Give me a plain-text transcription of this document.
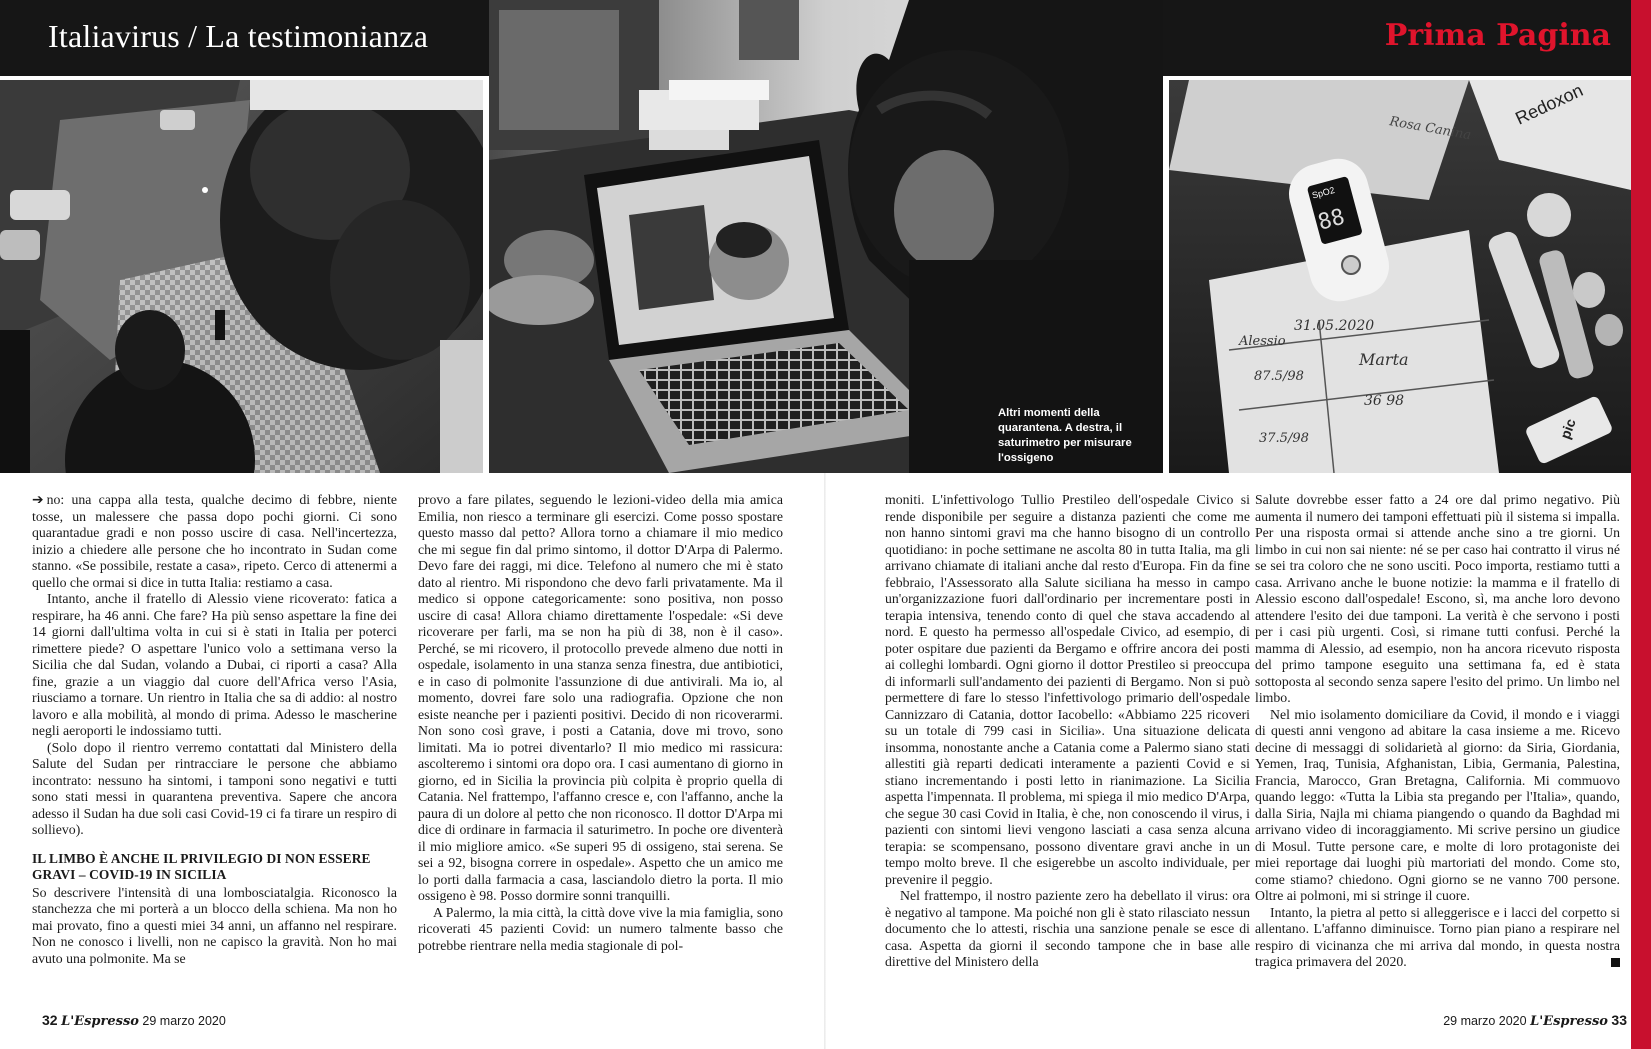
Italiavirus / La testimonianza	Prima Pagina
Redoxon
31.05.2020
Alessio
Marta
87.5/98
36 98
37.5/98
Rosa Canina
SpO2
88
pic
Altri momenti della quarantena. A destra, il saturimetro per misurare l'ossigeno

➔ no: una cappa alla testa, qualche decimo di febbre, niente tosse, un malessere che passa dopo pochi giorni. Ci sono quarantadue gradi e non posso uscire di casa. Nell'incertezza, inizio a chiedere alle persone che ho incontrato in Sudan come stanno. «Se possibile, restate a casa», ripeto. Cerco di attenermi a quello che ormai si dice in tutta Italia: restiamo a casa.

Intanto, anche il fratello di Alessio viene ricoverato: fatica a respirare, ha 46 anni. Che fare? Ha più senso aspettare la fine dei 14 giorni dall'ultima volta in cui si è stati in Italia per poterci rimettere piede? O aspettare l'unico volo a settimana verso la Sicilia che dal Sudan, volando a Dubai, ci riporti a casa? Alla fine, grazie a un viaggio dal cuore dell'Africa verso l'Asia, riusciamo a tornare. Un rientro in Italia che sa di addio: al nostro lavoro e alla mobilità, al mondo di prima. Adesso le mascherine negli aeroporti le indossiamo tutti.

(Solo dopo il rientro verremo contattati dal Ministero della Salute del Sudan per rintracciare le persone che abbiamo incontrato: nessuno ha sintomi, i tamponi sono negativi e tutti sono stati messi in quarantena preventiva. Sapere che ancora adesso il Sudan ha due soli casi Covid-19 ci fa tirare un respiro di sollievo).

IL LIMBO È ANCHE IL PRIVILEGIO DI NON ESSERE GRAVI – COVID-19 IN SICILIA

So descrivere l'intensità di una lombosciatalgia. Riconosco la stanchezza che mi porterà a un blocco della schiena. Ma non ho mai provato, fino a questi miei 34 anni, un affanno nel respirare. Non ne conosco i livelli, non ne capisco la gravità. Non ho mai avuto una polmonite. Ma se

provo a fare pilates, seguendo le lezioni-video della mia amica Emilia, non riesco a terminare gli esercizi. Come posso spostare questo masso dal petto? Allora torno a chiamare il mio medico che mi segue fin dal primo sintomo, il dottor D'Arpa di Palermo. Devo fare dei raggi, mi dice. Telefono al numero che mi è stato dato al rientro. Mi rispondono che devo farli privatamente. Ma il medico si oppone categoricamente: sono positiva, non posso uscire di casa! Allora chiamo direttamente l'ospedale: «Si deve ricoverare per farli, ma se non ha più di 38, non è il caso». Perché, se mi ricovero, il protocollo prevede almeno due notti in ospedale, isolamento in una stanza senza finestra, due antibiotici, e in caso di polmonite l'assunzione di due antivirali. Ma io, al momento, dovrei fare solo una radiografia. Opzione che non esiste neanche per i pazienti positivi. Decido di non ricoverarmi. Non sono così grave, i posti a Catania, dove mi trovo, sono limitati. Ma io potrei diventarlo? Il mio medico mi rassicura: ascolteremo i sintomi ora dopo ora. I casi aumentano di giorno in giorno, ed in Sicilia la provincia più colpita è proprio quella di Catania. Nel frattempo, l'affanno cresce e, con l'affanno, anche la paura di un dolore al petto che non riconosco. Il dottor D'Arpa mi dice di ordinare in farmacia il saturimetro. In poche ore diventerà il mio migliore amico. «Se superi 95 di ossigeno, stai serena. Se sei a 92, bisogna correre in ospedale». Aspetto che un amico me lo porti dalla farmacia a casa, lasciandolo dietro la porta. Il mio ossigeno è 98. Posso dormire sonni tranquilli.

A Palermo, la mia città, la città dove vive la mia famiglia, sono ricoverati 45 pazienti Covid: un numero talmente basso che potrebbe rientrare nella media stagionale di pol-

moniti. L'infettivologo Tullio Prestileo dell'ospedale Civico si rende disponibile per seguire a distanza pazienti che come me non hanno sintomi gravi ma che hanno bisogno di un controllo quotidiano: in poche settimane ne ascolta 80 in tutta Italia, ma gli arrivano chiamate di italiani anche dal resto d'Europa. Fin da fine febbraio, l'Assessorato alla Salute siciliana ha messo in campo un'organizzazione fuori dall'ordinario per incrementare posti in terapia intensiva, tenendo conto di quel che stava accadendo al nord. E questo ha permesso all'ospedale Civico, ad esempio, di poter ospitare due pazienti da Bergamo e offrire ancora dei posti ai colleghi lombardi. Ogni giorno il dottor Prestileo si preoccupa di informarli sull'andamento dei pazienti di Bergamo. Non si può permettere di fare lo stesso l'infettivologo primario dell'ospedale Cannizzaro di Catania, dottor Iacobello: «Abbiamo 225 ricoveri su un totale di 799 casi in Sicilia». Una situazione delicata insomma, nonostante anche a Catania come a Palermo siano stati allestiti già reparti dedicati interamente a pazienti Covid e si stiano incrementando i posti letto in rianimazione. La Sicilia aspetta l'impennata. Il problema, mi spiega il mio medico D'Arpa, che segue 30 casi Covid in Italia, è che, non conoscendo il virus, i pazienti con sintomi lievi vengono lasciati a casa senza alcuna terapia: se scompensano, possono diventare gravi anche in un tempo molto breve. Il che esigerebbe un ascolto individuale, per prevenire il peggio.

Nel frattempo, il nostro paziente zero ha debellato il virus: ora è negativo al tampone. Ma poiché non gli è stato rilasciato nessun documento che lo attesti, rischia una sanzione penale se esce di casa. Aspetta da giorni il secondo tampone che in base alle direttive del Ministero della

Salute dovrebbe esser fatto a 24 ore dal primo negativo. Più aumenta il numero dei tamponi effettuati più il sistema si impalla. Per una risposta ormai si attende anche sino a tre giorni. Un limbo in cui non sai niente: né se per caso hai contratto il virus né se sei tra coloro che ne sono usciti. Poco importa, restiamo tutti a casa. Arrivano anche le buone notizie: la mamma e il fratello di Alessio escono dall'ospedale! Escono, sì, ma anche loro devono attendere l'esito dei due tamponi. La verità è che servono i posti per i casi più urgenti. Così, si rimane tutti confusi. Perché la mamma di Alessio, ad esempio, non ha ancora ricevuto risposta del primo tampone eseguito una settimana fa, ed è stata sottoposta al secondo senza sapere l'esito del primo. Un limbo nel limbo.

Nel mio isolamento domiciliare da Covid, il mondo e i viaggi di questi anni vengono ad abitare la casa insieme a me. Ricevo decine di messaggi di solidarietà al giorno: da Siria, Giordania, Yemen, Iraq, Tunisia, Afghanistan, Libia, Germania, Palestina, Francia, Marocco, Gran Bretagna, California. Mi commuovo quando leggo: «Tutta la Libia sta pregando per l'Italia», quando, dalla Siria, Najla mi chiama piangendo o quando da Baghdad mi arrivano video di incoraggiamento. Mi scrive persino un giudice di Mosul. Tutte persone care, e molte di loro protagoniste dei miei reportage dai luoghi più martoriati del mondo. Come sto, come stiamo? chiedono. Ogni giorno se ne vanno 700 persone. Oltre ai polmoni, mi si stringe il cuore.

Intanto, la pietra al petto si alleggerisce e i lacci del corpetto si allentano. L'affanno diminuisce. Torno pian piano a respirare nel respiro di vicinanza che mi arriva dal mondo, in questa nostra tragica primavera del 2020.

32 L'Espresso 29 marzo 2020	29 marzo 2020 L'Espresso 33
